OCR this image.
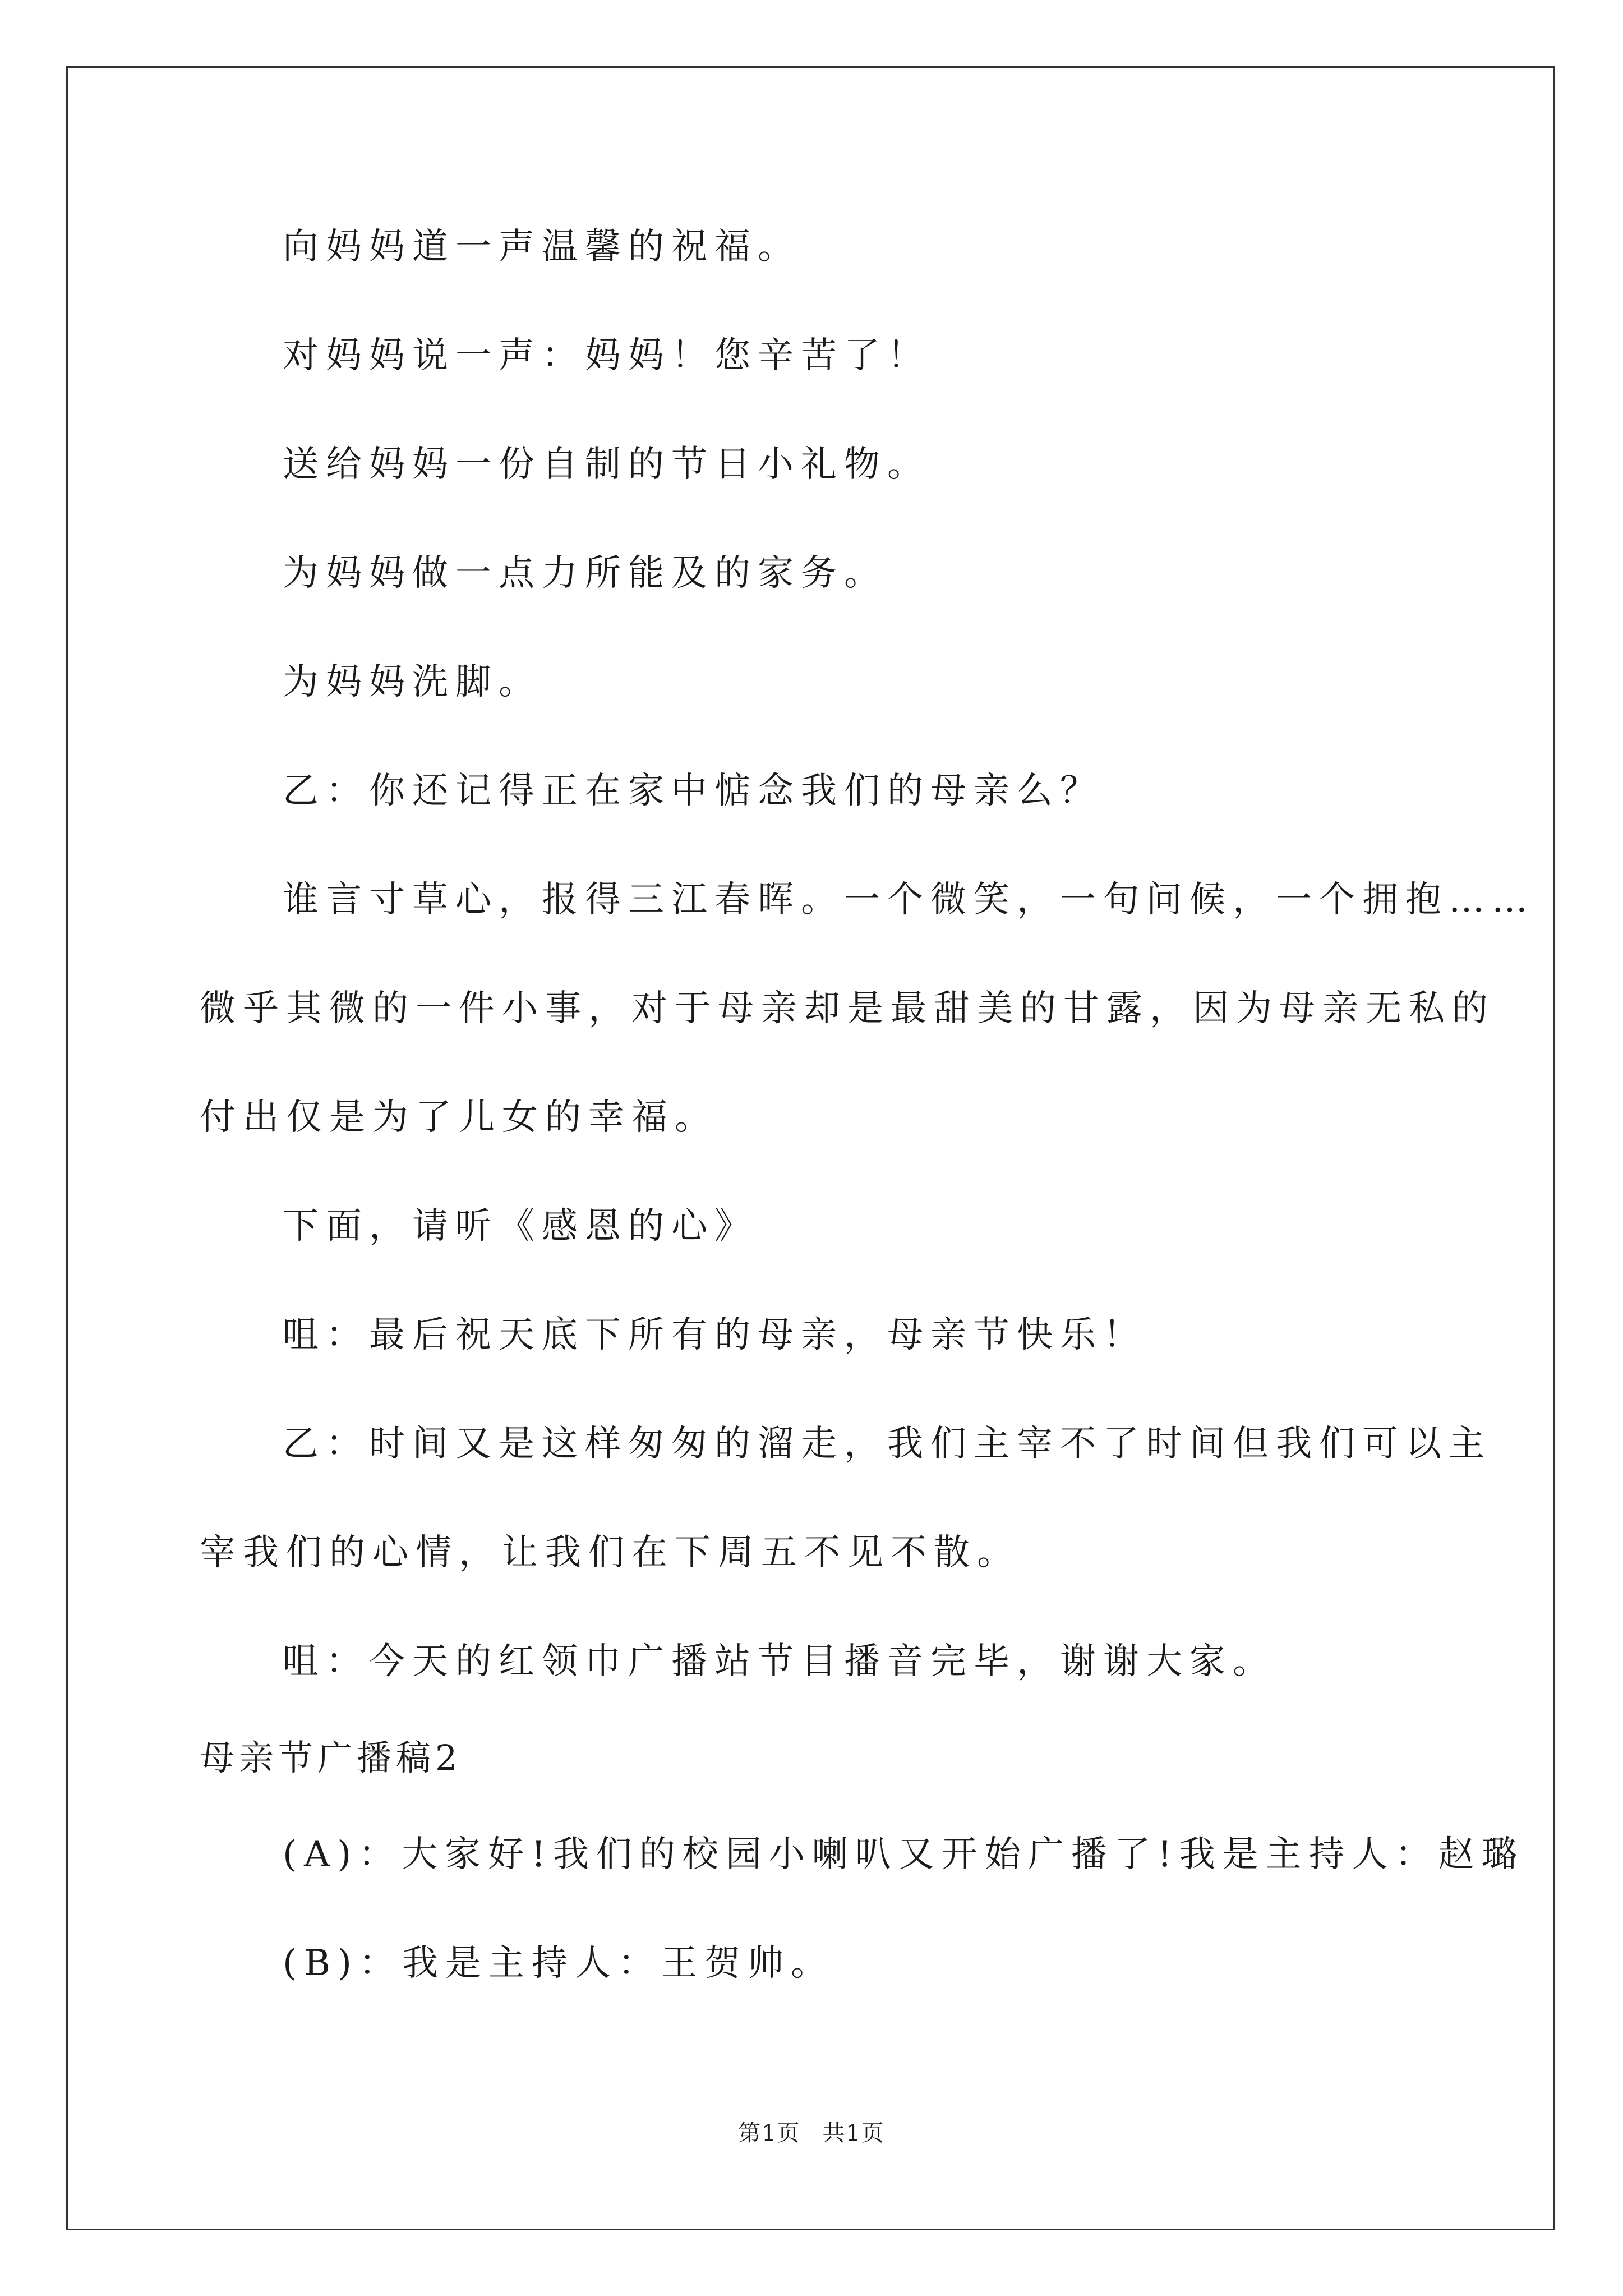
向妈妈道一声温馨的祝福。
对妈妈说一声：妈妈！您辛苦了！
送给妈妈一份自制的节日小礼物。
为妈妈做一点力所能及的家务。
为妈妈洗脚。
乙：你还记得正在家中惦念我们的母亲么？
谁言寸草心，报得三江春晖。一个微笑，一句问候，一个拥抱……
微乎其微的一件小事，对于母亲却是最甜美的甘露，因为母亲无私的
付出仅是为了儿女的幸福。
下面，请听《感恩的心》
咀：最后祝天底下所有的母亲，母亲节快乐！
乙：时间又是这样匆匆的溜走，我们主宰不了时间但我们可以主
宰我们的心情，让我们在下周五不见不散。
咀：今天的红领巾广播站节目播音完毕，谢谢大家。
母亲节广播稿2
(A)：大家好!我们的校园小喇叭又开始广播了!我是主持人：赵璐
(B)：我是主持人：王贺帅。
第1页 共1页
